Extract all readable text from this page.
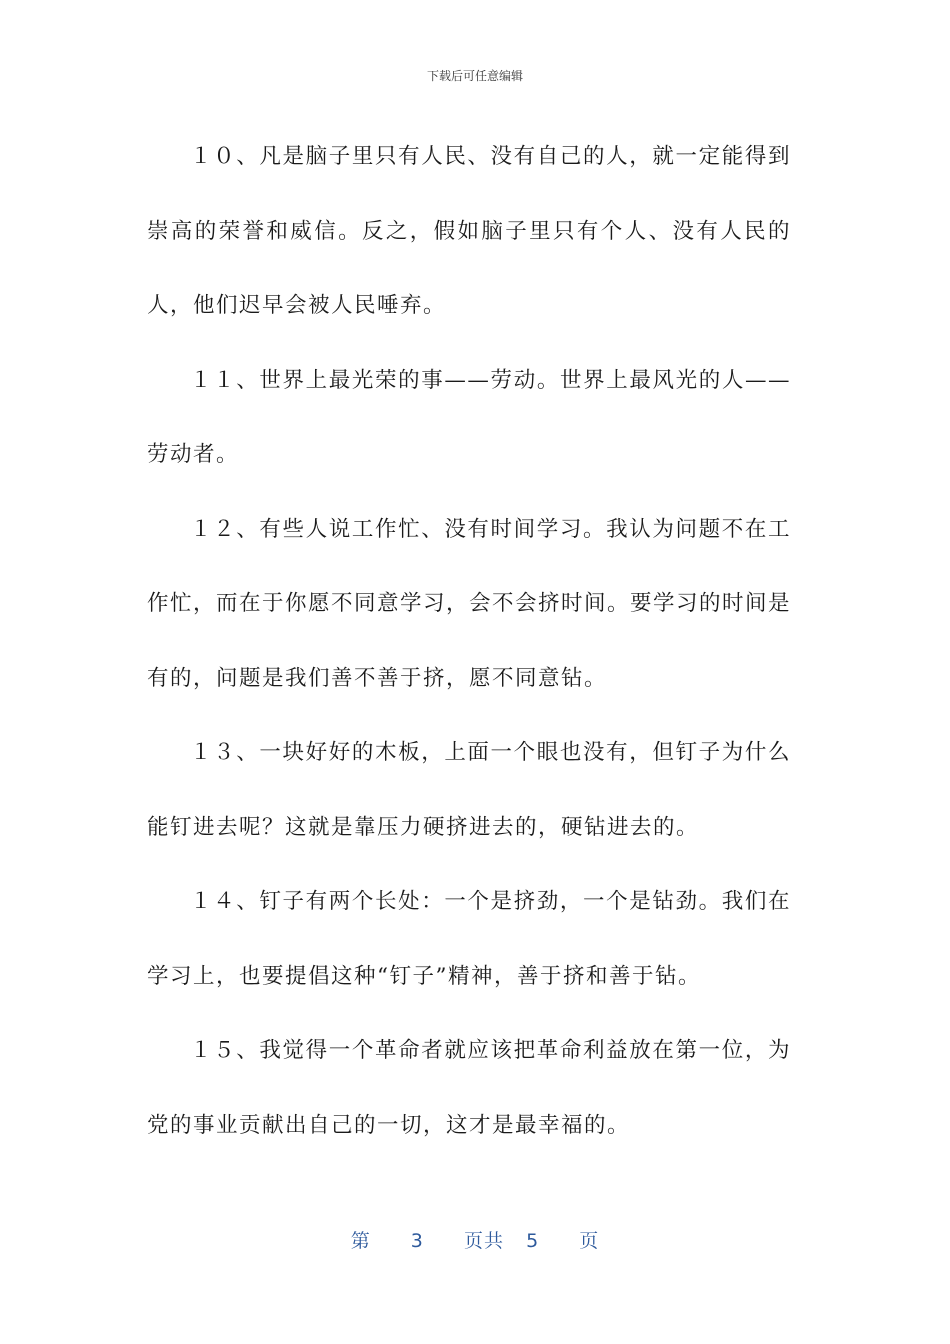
下载后可任意编辑

１０、凡是脑子里只有人民、没有自己的人，就一定能得到崇高的荣誉和威信。反之，假如脑子里只有个人、没有人民的人，他们迟早会被人民唾弃。

１１、世界上最光荣的事——劳动。世界上最风光的人——劳动者。

１２、有些人说工作忙、没有时间学习。我认为问题不在工作忙，而在于你愿不同意学习，会不会挤时间。要学习的时间是有的，问题是我们善不善于挤，愿不同意钻。

１３、一块好好的木板，上面一个眼也没有，但钉子为什么能钉进去呢？这就是靠压力硬挤进去的，硬钻进去的。

１４、钉子有两个长处：一个是挤劲，一个是钻劲。我们在学习上，也要提倡这种“钉子”精神，善于挤和善于钻。

１５、我觉得一个革命者就应该把革命利益放在第一位，为党的事业贡献出自己的一切，这才是最幸福的。

第 3 页共 5 页
